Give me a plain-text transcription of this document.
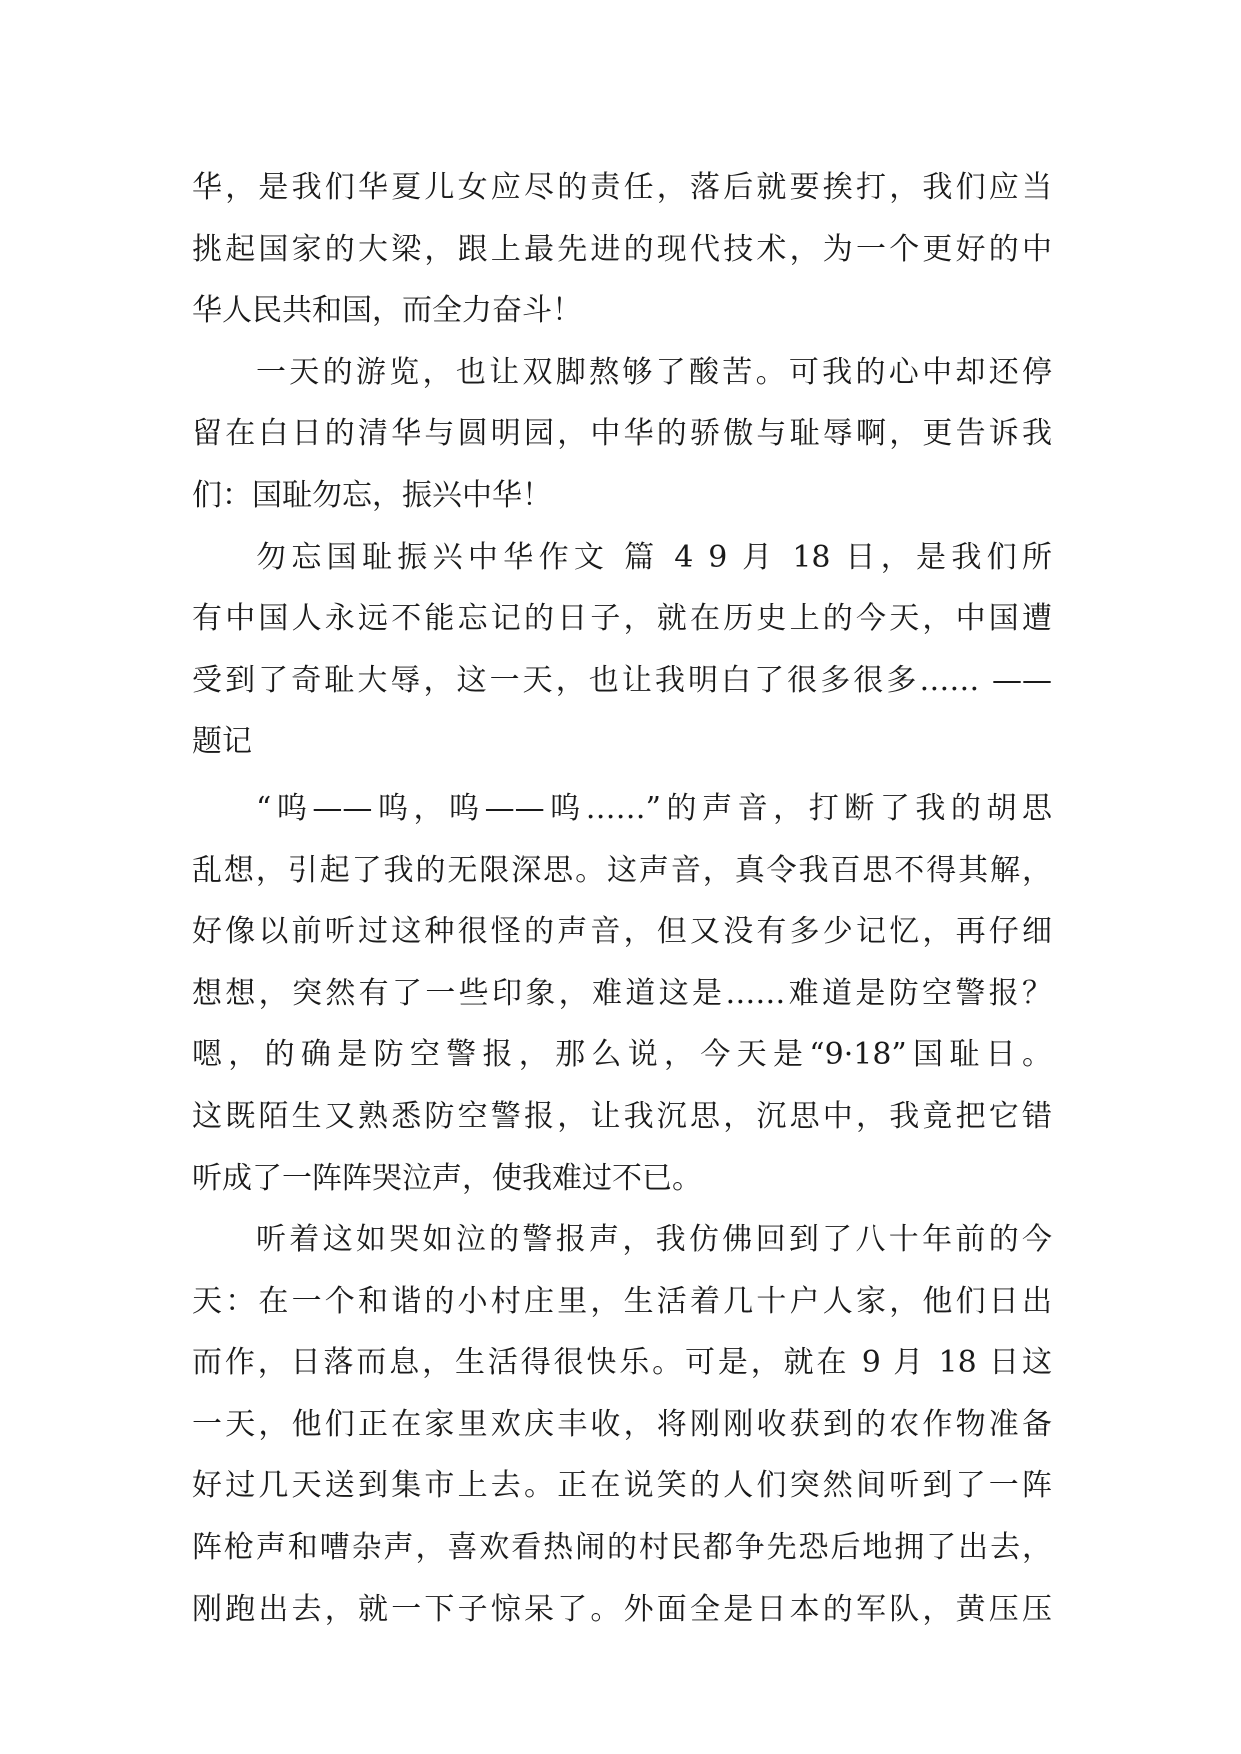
华，是我们华夏儿女应尽的责任，落后就要挨打，我们应当
挑起国家的大梁，跟上最先进的现代技术，为一个更好的中
华人民共和国，而全力奋斗！
一天的游览，也让双脚熬够了酸苦。可我的心中却还停
留在白日的清华与圆明园，中华的骄傲与耻辱啊，更告诉我
们：国耻勿忘，振兴中华！
勿忘国耻振兴中华作文 篇 4 9 月 18 日，是我们所
有中国人永远不能忘记的日子，就在历史上的今天，中国遭
受到了奇耻大辱，这一天，也让我明白了很多很多…… ——
题记
“呜——呜，呜——呜……”的声音，打断了我的胡思
乱想，引起了我的无限深思。这声音，真令我百思不得其解，
好像以前听过这种很怪的声音，但又没有多少记忆，再仔细
想想，突然有了一些印象，难道这是……难道是防空警报？
嗯，的确是防空警报，那么说，今天是“9·18”国耻日。
这既陌生又熟悉防空警报，让我沉思，沉思中，我竟把它错
听成了一阵阵哭泣声，使我难过不已。
听着这如哭如泣的警报声，我仿佛回到了八十年前的今
天：在一个和谐的小村庄里，生活着几十户人家，他们日出
而作，日落而息，生活得很快乐。可是，就在 9 月 18 日这
一天，他们正在家里欢庆丰收，将刚刚收获到的农作物准备
好过几天送到集市上去。正在说笑的人们突然间听到了一阵
阵枪声和嘈杂声，喜欢看热闹的村民都争先恐后地拥了出去，
刚跑出去，就一下子惊呆了。外面全是日本的军队，黄压压
